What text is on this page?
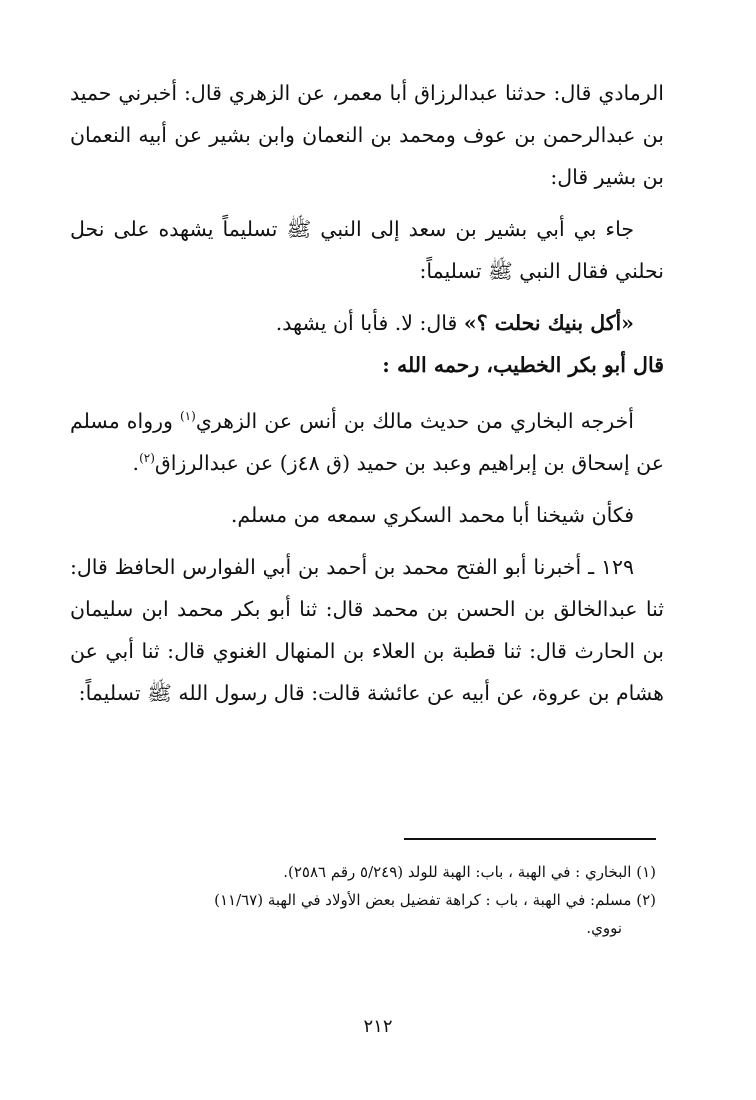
الرمادي قال: حدثنا عبدالرزاق أبا معمر، عن الزهري قال: أخبرني حميد بن عبدالرحمن بن عوف ومحمد بن النعمان وابن بشير عن أبيه النعمان بن بشير قال:

جاء بي أبي بشير بن سعد إلى النبي ﷺ تسليماً يشهده على نحل نحلني فقال النبي ﷺ تسليماً:

«أكل بنيك نحلت ؟» قال: لا. فأبا أن يشهد.

قال أبو بكر الخطيب، رحمه الله :

أخرجه البخاري من حديث مالك بن أنس عن الزهري$^{(١)}$ ورواه مسلم عن إسحاق بن إبراهيم وعبد بن حميد (ق ٤٨ز) عن عبدالرزاق$^{(٢)}$.

فكأن شيخنا أبا محمد السكري سمعه من مسلم.

١٢٩ ـ أخبرنا أبو الفتح محمد بن أحمد بن أبي الفوارس الحافظ قال: ثنا عبدالخالق بن الحسن بن محمد قال: ثنا أبو بكر محمد ابن سليمان بن الحارث قال: ثنا قطبة بن العلاء بن المنهال الغنوي قال: ثنا أبي عن هشام بن عروة، عن أبيه عن عائشة قالت: قال رسول الله ﷺ تسليماً:

(١) البخاري : في الهبة ، باب: الهبة للولد (٥/٢٤٩ رقم ٢٥٨٦).

(٢) مسلم: في الهبة ، باب : كراهة تفضيل بعض الأولاد في الهبة (١١/٦٧)

نووي.

٢١٢
